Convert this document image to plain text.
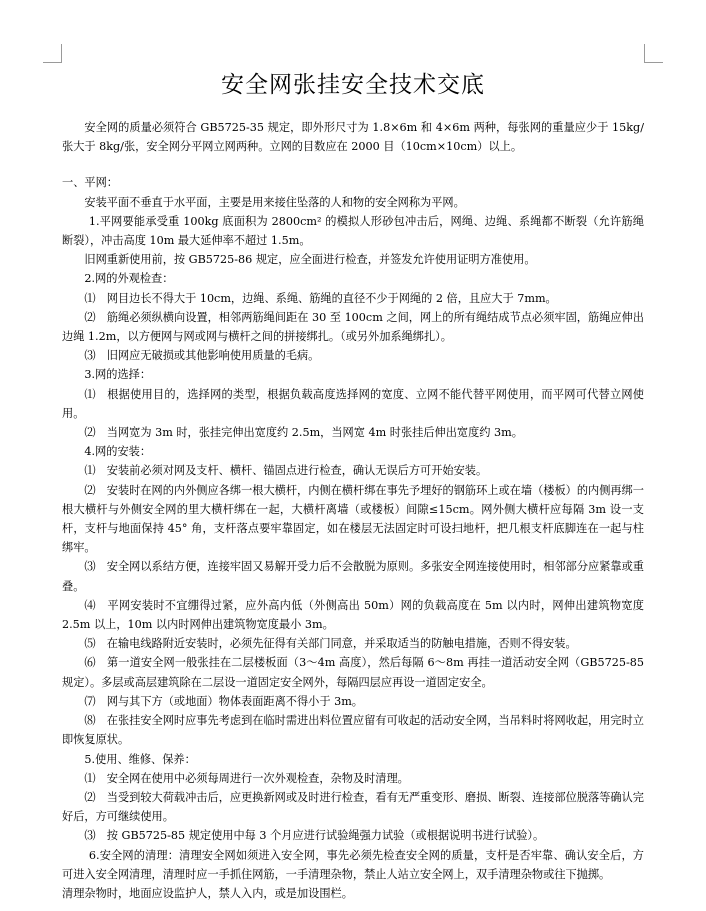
安全网张挂安全技术交底

安全网的质量必须符合 GB5725-35 规定，即外形尺寸为 1.8×6m 和 4×6m 两种，每张网的重量应少于 15kg/张大于 8kg/张，安全网分平网立网两种。立网的目数应在 2000 目（10cm×10cm）以上。

一、平网：

安装平面不垂直于水平面，主要是用来接住坠落的人和物的安全网称为平网。

1.平网要能承受重 100kg 底面积为 2800cm² 的模拟人形砂包冲击后，网绳、边绳、系绳都不断裂（允许筋绳断裂），冲击高度 10m 最大延伸率不超过 1.5m。

旧网重新使用前，按 GB5725-86 规定，应全面进行检查，并签发允许使用证明方准使用。

2.网的外观检查：

⑴　网目边长不得大于 10cm，边绳、系绳、筋绳的直径不少于网绳的 2 倍，且应大于 7mm。

⑵　筋绳必须纵横向设置，相邻两筋绳间距在 30 至 100cm 之间，网上的所有绳结成节点必须牢固，筋绳应伸出边绳 1.2m，以方便网与网或网与横杆之间的拼接绑扎。（或另外加系绳绑扎）。

⑶　旧网应无破损或其他影响使用质量的毛病。

3.网的选择：

⑴　根据使用目的，选择网的类型，根据负载高度选择网的宽度、立网不能代替平网使用，而平网可代替立网使用。

⑵　当网宽为 3m 时，张挂完伸出宽度约 2.5m，当网宽 4m 时张挂后伸出宽度约 3m。

4.网的安装：

⑴　安装前必须对网及支杆、横杆、锚固点进行检查，确认无误后方可开始安装。

⑵　安装时在网的内外侧应各绑一根大横杆，内侧在横杆绑在事先予埋好的钢筋环上或在墙（楼板）的内侧再绑一根大横杆与外侧安全网的里大横杆绑在一起，大横杆离墙（或楼板）间隙≤15cm。网外侧大横杆应每隔 3m 设一支杆，支杆与地面保持 45° 角，支杆落点要牢靠固定，如在楼层无法固定时可设扫地杆，把几根支杆底脚连在一起与柱绑牢。

⑶　安全网以系结方便，连接牢固又易解开受力后不会散脱为原则。多张安全网连接使用时，相邻部分应紧靠或重叠。

⑷　平网安装时不宜绷得过紧，应外高内低（外侧高出 50m）网的负载高度在 5m 以内时，网伸出建筑物宽度 2.5m 以上，10m 以内时网伸出建筑物宽度最小 3m。

⑸　在输电线路附近安装时，必须先征得有关部门同意，并采取适当的防触电措施，否则不得安装。

⑹　第一道安全网一般张挂在二层楼板面（3～4m 高度），然后每隔 6～8m 再挂一道活动安全网（GB5725-85 规定）。多层或高层建筑除在二层设一道固定安全网外，每隔四层应再设一道固定安全。

⑺　网与其下方（或地面）物体表面距离不得小于 3m。

⑻　在张挂安全网时应事先考虑到在临时需进出料位置应留有可收起的活动安全网，当吊料时将网收起，用完时立即恢复原状。

5.使用、维修、保养：

⑴　安全网在使用中必须每周进行一次外观检查，杂物及时清理。

⑵　当受到较大荷载冲击后，应更换新网或及时进行检查，看有无严重变形、磨损、断裂、连接部位脱落等确认完好后，方可继续使用。

⑶　按 GB5725-85 规定使用中每 3 个月应进行试验绳强力试验（或根据说明书进行试验）。

6.安全网的清理：清理安全网如须进入安全网，事先必须先检查安全网的质量，支杆是否牢靠、确认安全后，方可进入安全网清理，清理时应一手抓住网筋，一手清理杂物，禁止人站立安全网上，双手清理杂物或往下抛掷。

清理杂物时，地面应设监护人，禁人入内，或是加设围栏。
